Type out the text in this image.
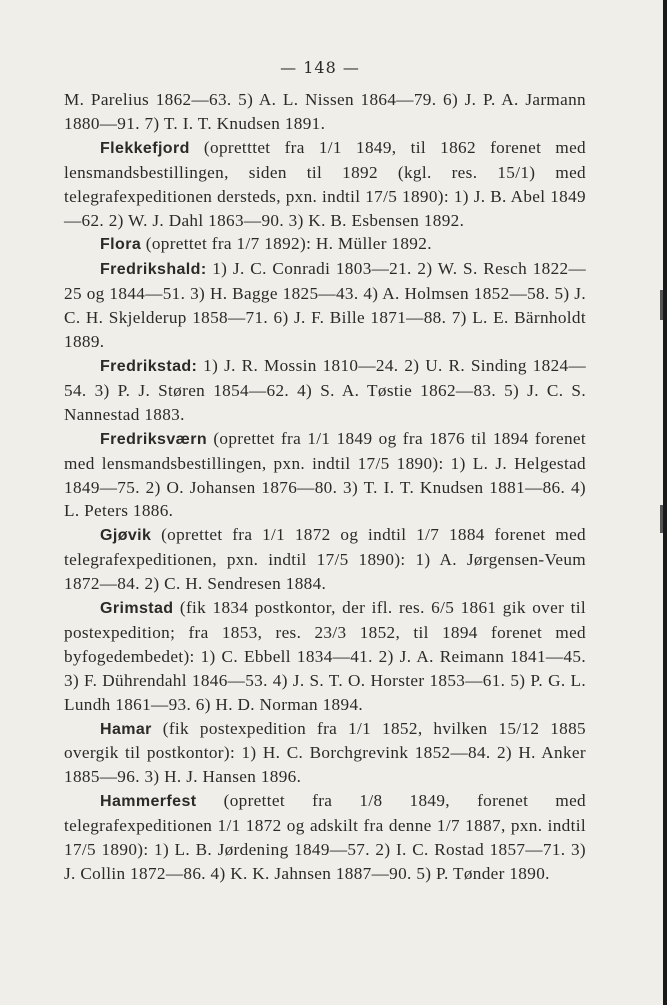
— 148 —

M. Parelius 1862—63. 5) A. L. Nissen 1864—79. 6) J. P. A. Jarmann 1880—91. 7) T. I. T. Knudsen 1891.

Flekkefjord (opretttet fra 1/1 1849, til 1862 forenet med lensmandsbestillingen, siden til 1892 (kgl. res. 15/1) med telegrafexpeditionen dersteds, pxn. indtil 17/5 1890): 1) J. B. Abel 1849—62. 2) W. J. Dahl 1863—90. 3) K. B. Esbensen 1892.

Flora (oprettet fra 1/7 1892): H. Müller 1892.

Fredrikshald: 1) J. C. Conradi 1803—21. 2) W. S. Resch 1822—25 og 1844—51. 3) H. Bagge 1825—43. 4) A. Holmsen 1852—58. 5) J. C. H. Skjelderup 1858—71. 6) J. F. Bille 1871—88. 7) L. E. Bärnholdt 1889.

Fredrikstad: 1) J. R. Mossin 1810—24. 2) U. R. Sinding 1824—54. 3) P. J. Støren 1854—62. 4) S. A. Tøstie 1862—83. 5) J. C. S. Nannestad 1883.

Fredriksværn (oprettet fra 1/1 1849 og fra 1876 til 1894 forenet med lensmandsbestillingen, pxn. indtil 17/5 1890): 1) L. J. Helgestad 1849—75. 2) O. Johansen 1876—80. 3) T. I. T. Knudsen 1881—86. 4) L. Peters 1886.

Gjøvik (oprettet fra 1/1 1872 og indtil 1/7 1884 forenet med telegrafexpeditionen, pxn. indtil 17/5 1890): 1) A. Jørgensen-Veum 1872—84. 2) C. H. Sendresen 1884.

Grimstad (fik 1834 postkontor, der ifl. res. 6/5 1861 gik over til postexpedition; fra 1853, res. 23/3 1852, til 1894 forenet med byfogedembedet): 1) C. Ebbell 1834—41. 2) J. A. Reimann 1841—45. 3) F. Dührendahl 1846—53. 4) J. S. T. O. Horster 1853—61. 5) P. G. L. Lundh 1861—93. 6) H. D. Norman 1894.

Hamar (fik postexpedition fra 1/1 1852, hvilken 15/12 1885 overgik til postkontor): 1) H. C. Borchgrevink 1852—84. 2) H. Anker 1885—96. 3) H. J. Hansen 1896.

Hammerfest (oprettet fra 1/8 1849, forenet med telegrafexpeditionen 1/1 1872 og adskilt fra denne 1/7 1887, pxn. indtil 17/5 1890): 1) L. B. Jørdening 1849—57. 2) I. C. Rostad 1857—71. 3) J. Collin 1872—86. 4) K. K. Jahnsen 1887—90. 5) P. Tønder 1890.
